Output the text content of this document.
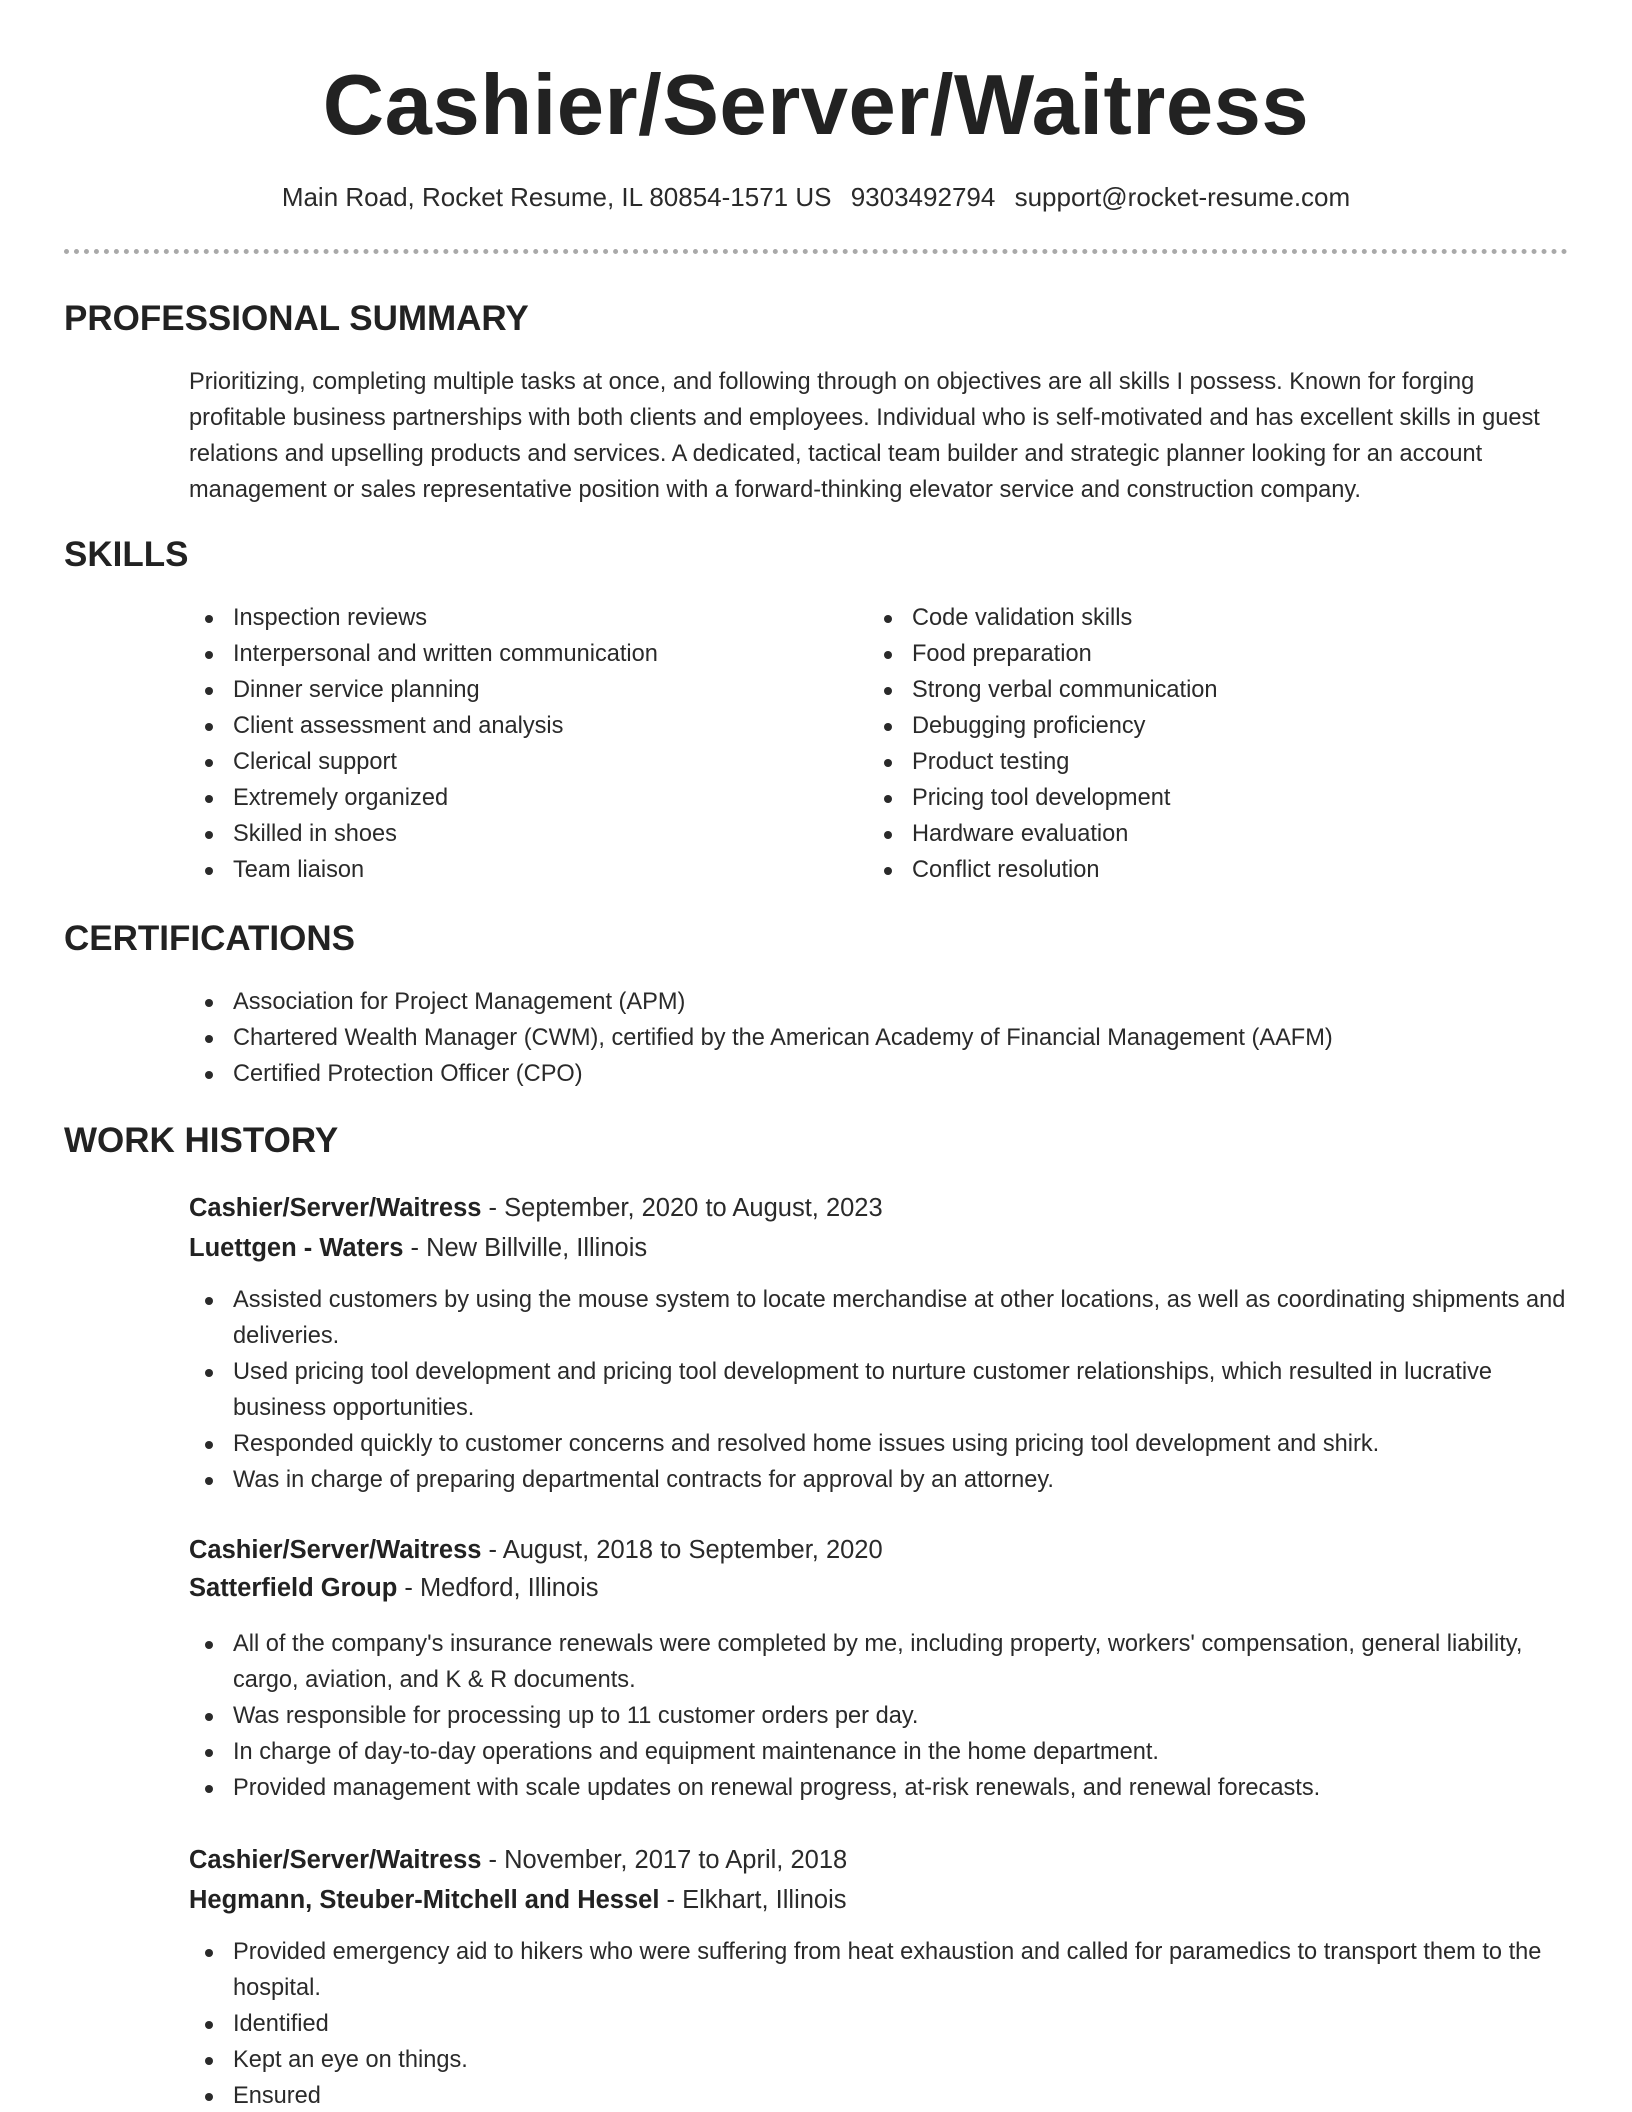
Cashier/Server/Waitress
Main Road, Rocket Resume, IL 80854-1571 US 9303492794 support@rocket-resume.com
PROFESSIONAL SUMMARY

Prioritizing, completing multiple tasks at once, and following through on objectives are all skills I possess. Known for forging profitable business partnerships with both clients and employees. Individual who is self-motivated and has excellent skills in guest relations and upselling products and services. A dedicated, tactical team builder and strategic planner looking for an account management or sales representative position with a forward-thinking elevator service and construction company.

SKILLS
Inspection reviews
Interpersonal and written communication
Dinner service planning
Client assessment and analysis
Clerical support
Extremely organized
Skilled in shoes
Team liaison
Code validation skills
Food preparation
Strong verbal communication
Debugging proficiency
Product testing
Pricing tool development
Hardware evaluation
Conflict resolution
CERTIFICATIONS
Association for Project Management (APM)
Chartered Wealth Manager (CWM), certified by the American Academy of Financial Management (AAFM)
Certified Protection Officer (CPO)
WORK HISTORY
Cashier/Server/Waitress - September, 2020 to August, 2023
Luettgen - Waters - New Billville, Illinois
Assisted customers by using the mouse system to locate merchandise at other locations, as well as coordinating shipments and deliveries.
Used pricing tool development and pricing tool development to nurture customer relationships, which resulted in lucrative business opportunities.
Responded quickly to customer concerns and resolved home issues using pricing tool development and shirk.
Was in charge of preparing departmental contracts for approval by an attorney.
Cashier/Server/Waitress - August, 2018 to September, 2020
Satterfield Group - Medford, Illinois
All of the company's insurance renewals were completed by me, including property, workers' compensation, general liability, cargo, aviation, and K & R documents.
Was responsible for processing up to 11 customer orders per day.
In charge of day-to-day operations and equipment maintenance in the home department.
Provided management with scale updates on renewal progress, at-risk renewals, and renewal forecasts.
Cashier/Server/Waitress - November, 2017 to April, 2018
Hegmann, Steuber-Mitchell and Hessel - Elkhart, Illinois
Provided emergency aid to hikers who were suffering from heat exhaustion and called for paramedics to transport them to the hospital.
Identified
Kept an eye on things.
Ensured
